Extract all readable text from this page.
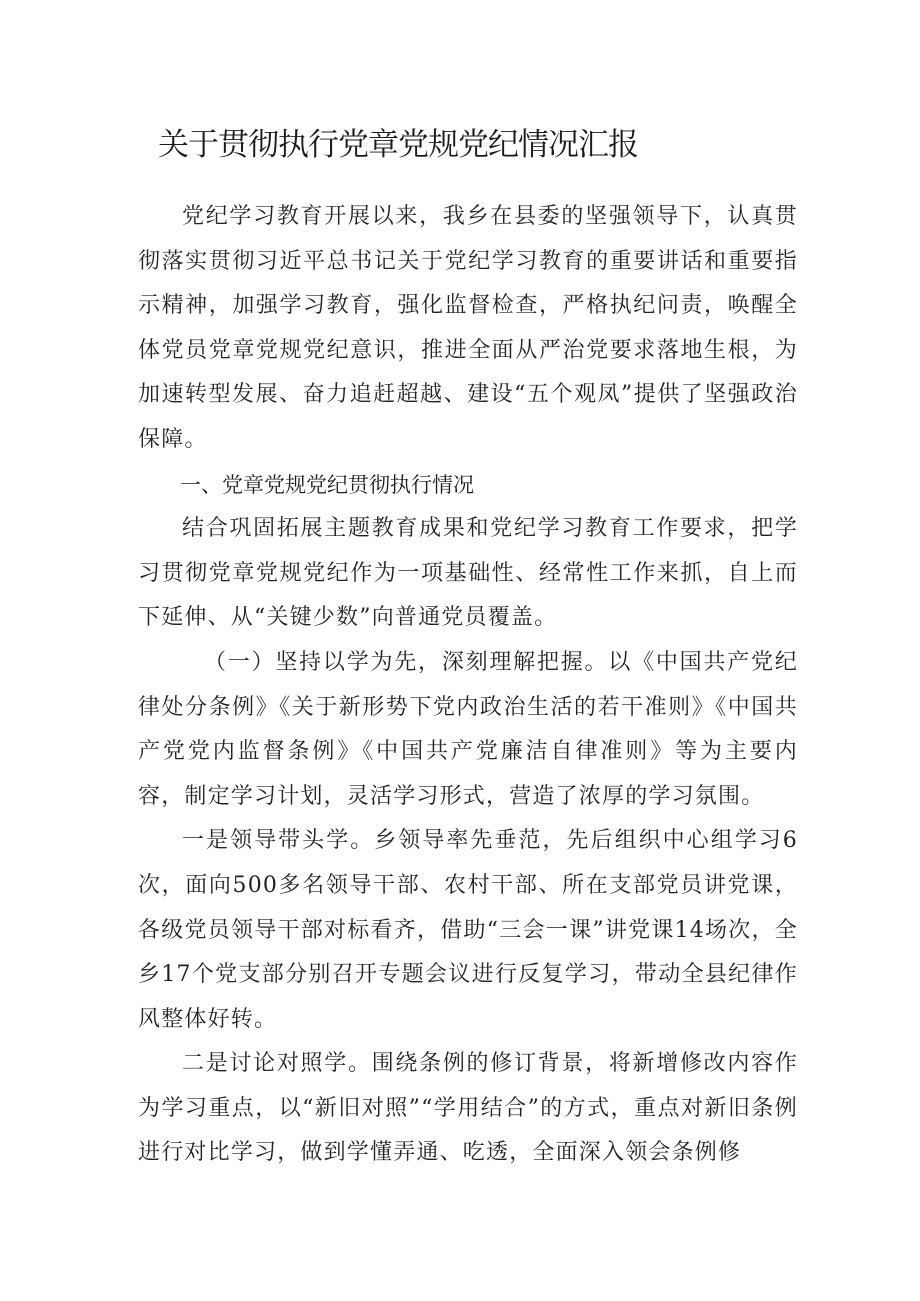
关于贯彻执行党章党规党纪情况汇报

党纪学习教育开展以来，我乡在县委的坚强领导下，认真贯彻落实贯彻习近平总书记关于党纪学习教育的重要讲话和重要指示精神，加强学习教育，强化监督检查，严格执纪问责，唤醒全体党员党章党规党纪意识，推进全面从严治党要求落地生根，为加速转型发展、奋力追赶超越、建设“五个观凤”提供了坚强政治保障。

一、党章党规党纪贯彻执行情况

结合巩固拓展主题教育成果和党纪学习教育工作要求，把学习贯彻党章党规党纪作为一项基础性、经常性工作来抓，自上而下延伸、从“关键少数”向普通党员覆盖。

（一）坚持以学为先，深刻理解把握。以《中国共产党纪律处分条例》《关于新形势下党内政治生活的若干准则》《中国共产党党内监督条例》《中国共产党廉洁自律准则》等为主要内容，制定学习计划，灵活学习形式，营造了浓厚的学习氛围。

一是领导带头学。乡领导率先垂范，先后组织中心组学习6次，面向500多名领导干部、农村干部、所在支部党员讲党课，各级党员领导干部对标看齐，借助“三会一课”讲党课14场次，全乡17个党支部分别召开专题会议进行反复学习，带动全县纪律作风整体好转。

二是讨论对照学。围绕条例的修订背景，将新增修改内容作为学习重点，以“新旧对照”“学用结合”的方式，重点对新旧条例进行对比学习，做到学懂弄通、吃透，全面深入领会条例修
